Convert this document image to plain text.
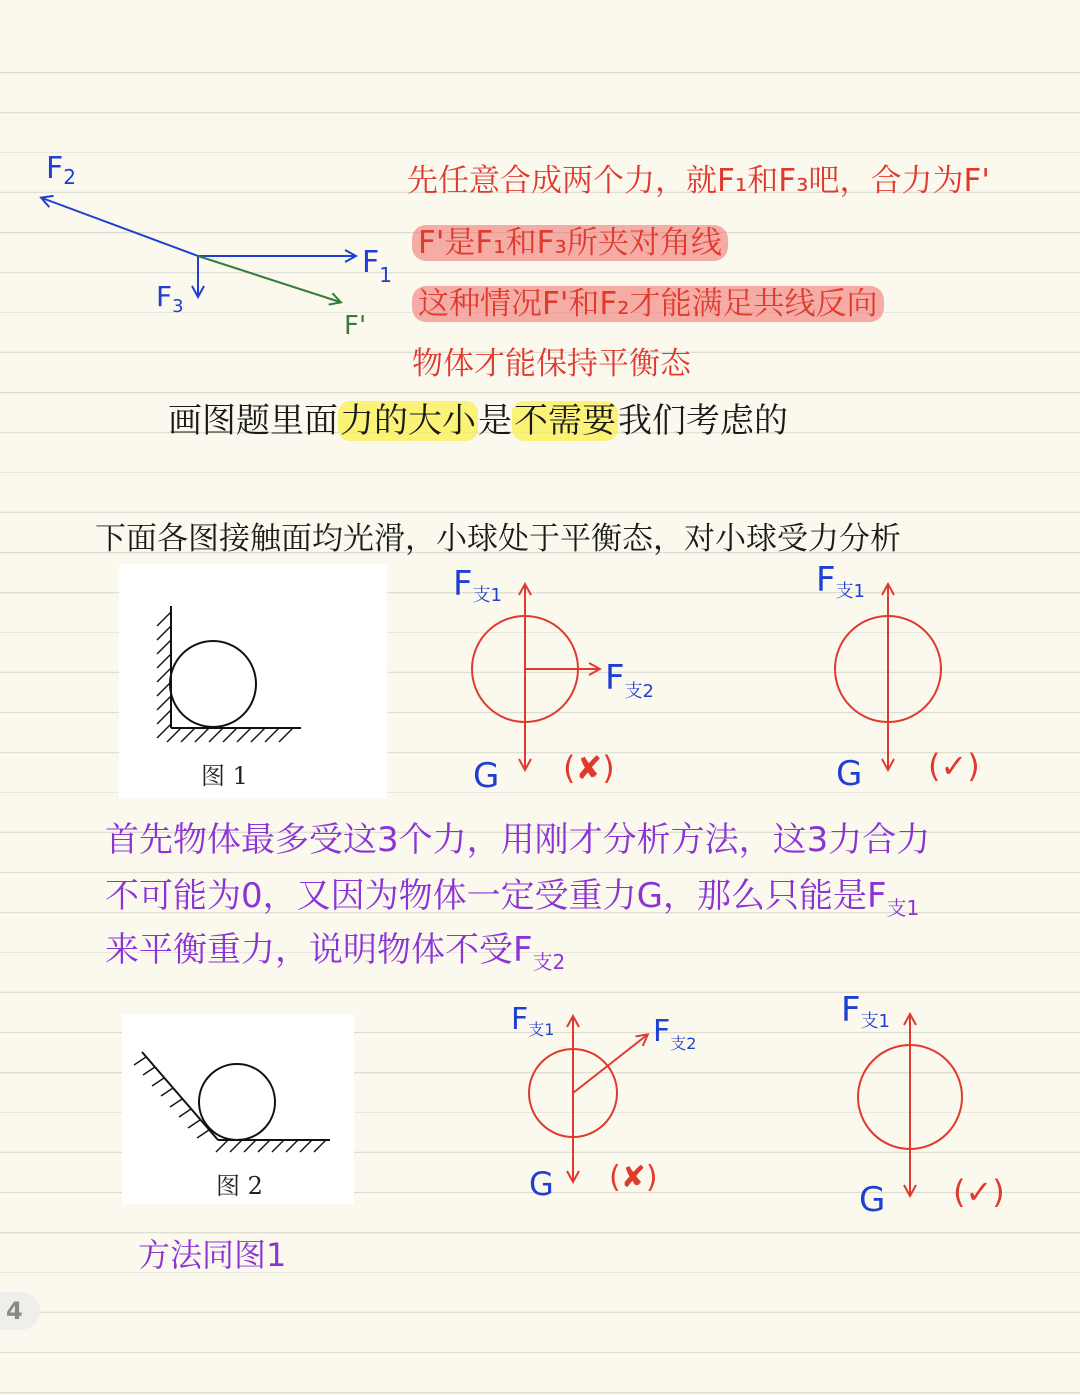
$F_2$
$F_1$
$F_3$
F'
先任意合成两个力，就F₁和F₃吧，合力为F'
F'是F₁和F₃所夹对角线
这种情况F'和F₂才能满足共线反向
物体才能保持平衡态
画图题里面力的大小是不需要我们考虑的
下面各图接触面均光滑，小球处于平衡态，对小球受力分析
图 1
F支1
$F_{支2}$
G (✘)
F支1
G (✓)
首先物体最多受这3个力，用刚才分析方法，这3力合力
不可能为0，又因为物体一定受重力G，那么只能是$F_{支1}$
来平衡重力，说明物体不受$F_{支2}$
图 2
$F_{支1}$	$F_{支2}$
G (✘)
F支1
G (✓)
方法同图1
4
